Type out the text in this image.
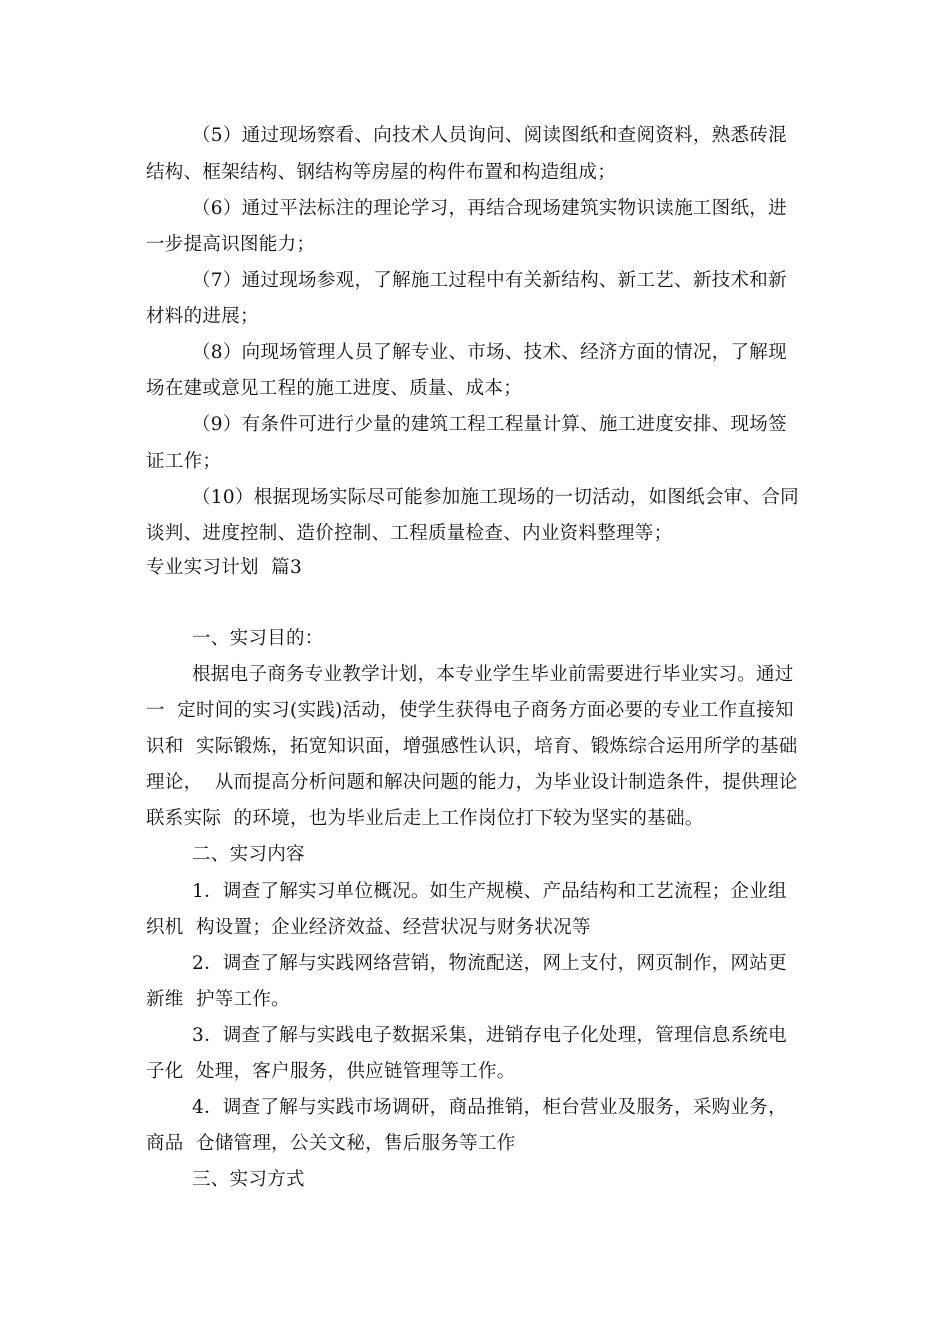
（5）通过现场察看、向技术人员询问、阅读图纸和查阅资料，熟悉砖混
结构、框架结构、钢结构等房屋的构件布置和构造组成；
（6）通过平法标注的理论学习，再结合现场建筑实物识读施工图纸，进
一步提高识图能力；
（7）通过现场参观，了解施工过程中有关新结构、新工艺、新技术和新
材料的进展；
（8）向现场管理人员了解专业、市场、技术、经济方面的情况，了解现
场在建或意见工程的施工进度、质量、成本；
（9）有条件可进行少量的建筑工程工程量计算、施工进度安排、现场签
证工作；
（10）根据现场实际尽可能参加施工现场的一切活动，如图纸会审、合同
谈判、进度控制、造价控制、工程质量检查、内业资料整理等；
专业实习计划  篇3
一、实习目的：
根据电子商务专业教学计划，本专业学生毕业前需要进行毕业实习。通过
一  定时间的实习(实践)活动，使学生获得电子商务方面必要的专业工作直接知
识和  实际锻炼，拓宽知识面，增强感性认识，培育、锻炼综合运用所学的基础
理论，  从而提高分析问题和解决问题的能力，为毕业设计制造条件，提供理论
联系实际  的环境，也为毕业后走上工作岗位打下较为坚实的基础。
二、实习内容
1．调查了解实习单位概况。如生产规模、产品结构和工艺流程；企业组
织机  构设置；企业经济效益、经营状况与财务状况等
2．调查了解与实践网络营销，物流配送，网上支付，网页制作，网站更
新维  护等工作。
3．调查了解与实践电子数据采集，进销存电子化处理，管理信息系统电
子化  处理，客户服务，供应链管理等工作。
4．调查了解与实践市场调研，商品推销，柜台营业及服务，采购业务，
商品  仓储管理，公关文秘，售后服务等工作
三、实习方式
